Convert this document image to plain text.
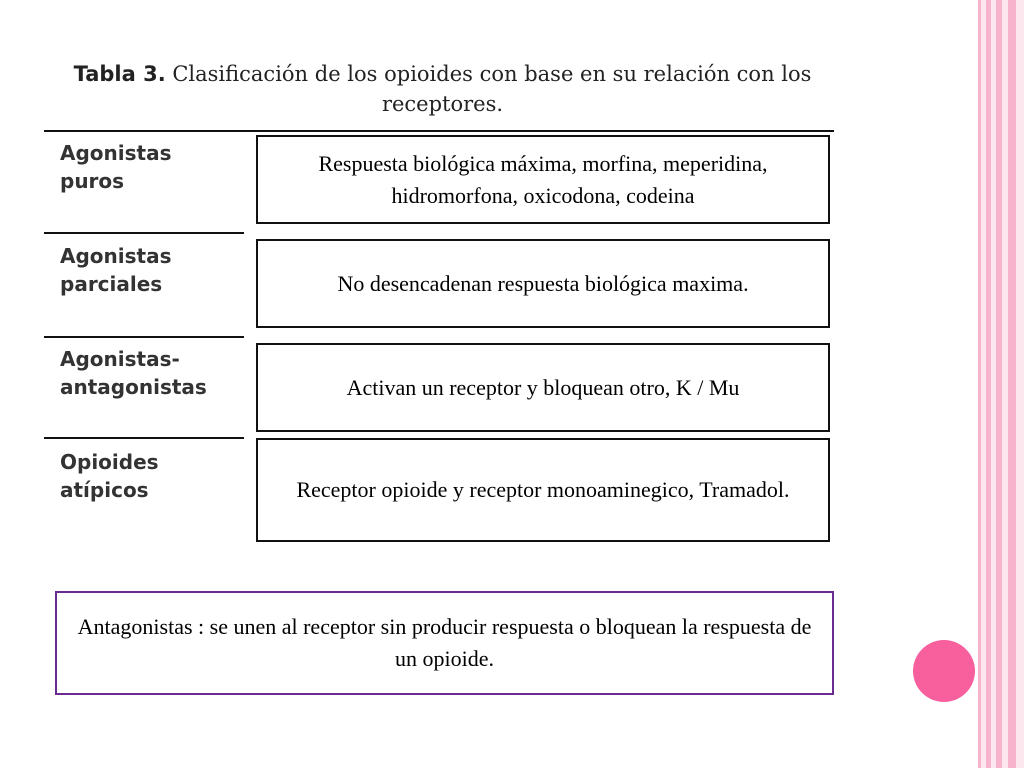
Tabla 3. Clasificación de los opioides con base en su relación con los receptores.
Agonistas puros
Agonistas parciales
Agonistas-antagonistas
Opioides atípicos
Respuesta biológica máxima, morfina, meperidina, hidromorfona, oxicodona, codeina
No desencadenan respuesta biológica maxima.
Activan un receptor y bloquean otro, K / Mu
Receptor opioide y receptor monoaminegico, Tramadol.
Antagonistas : se unen al receptor sin producir respuesta o bloquean la respuesta de un opioide.
